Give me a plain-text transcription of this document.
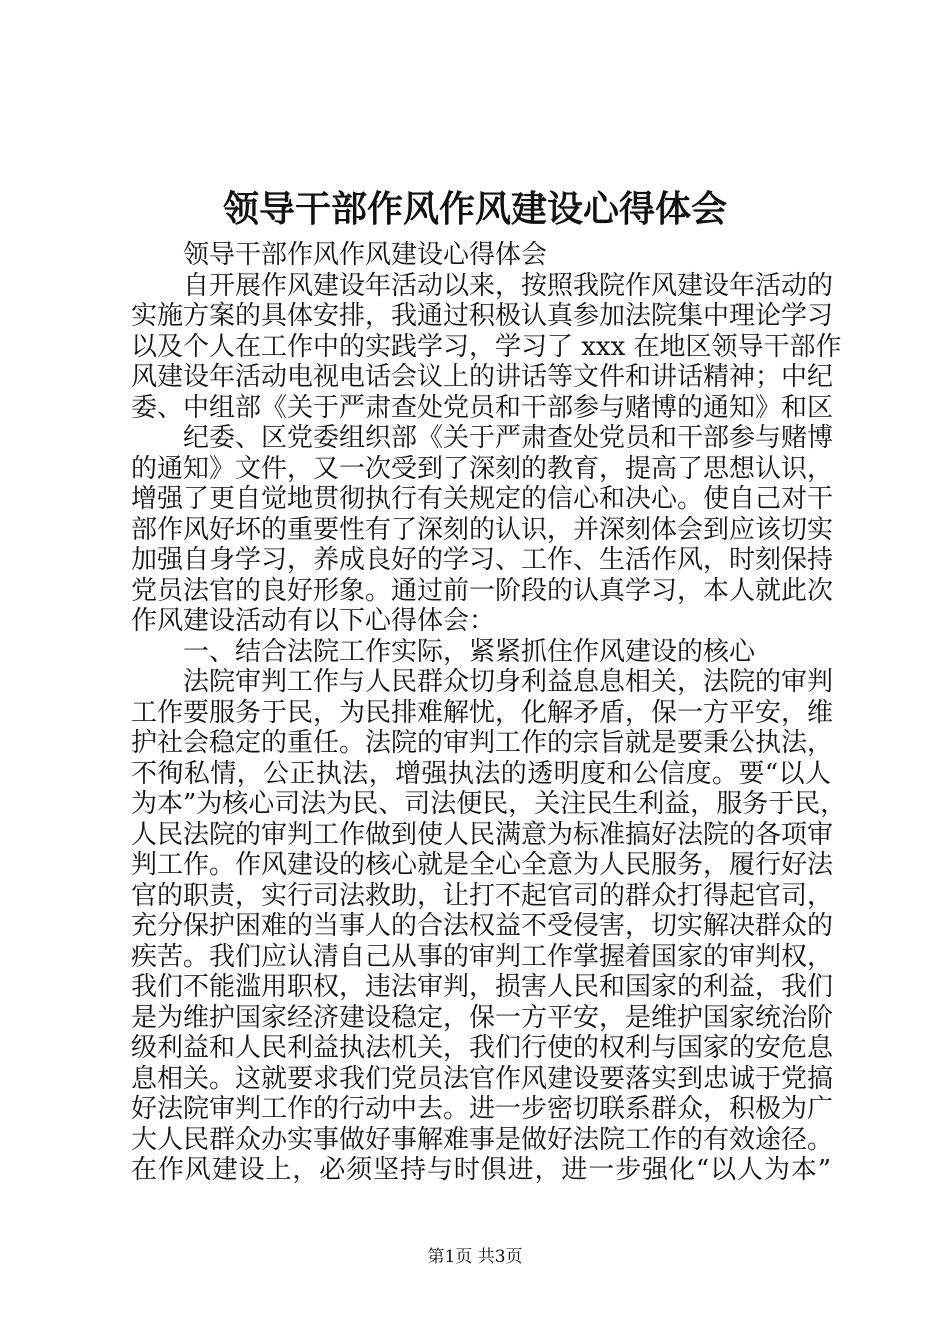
领导干部作风作风建设心得体会
领导干部作风作风建设心得体会
自开展作风建设年活动以来，按照我院作风建设年活动的
实施方案的具体安排，我通过积极认真参加法院集中理论学习
以及个人在工作中的实践学习，学习了 xxx 在地区领导干部作
风建设年活动电视电话会议上的讲话等文件和讲话精神；中纪
委、中组部《关于严肃查处党员和干部参与赌博的通知》和区
纪委、区党委组织部《关于严肃查处党员和干部参与赌博
的通知》文件，又一次受到了深刻的教育，提高了思想认识，
增强了更自觉地贯彻执行有关规定的信心和决心。使自己对干
部作风好坏的重要性有了深刻的认识，并深刻体会到应该切实
加强自身学习，养成良好的学习、工作、生活作风，时刻保持
党员法官的良好形象。通过前一阶段的认真学习，本人就此次
作风建设活动有以下心得体会：
一、结合法院工作实际，紧紧抓住作风建设的核心
法院审判工作与人民群众切身利益息息相关，法院的审判
工作要服务于民，为民排难解忧，化解矛盾，保一方平安，维
护社会稳定的重任。法院的审判工作的宗旨就是要秉公执法，
不徇私情，公正执法，增强执法的透明度和公信度。要“以人
为本”为核心司法为民、司法便民，关注民生利益，服务于民，
人民法院的审判工作做到使人民满意为标准搞好法院的各项审
判工作。作风建设的核心就是全心全意为人民服务，履行好法
官的职责，实行司法救助，让打不起官司的群众打得起官司，
充分保护困难的当事人的合法权益不受侵害，切实解决群众的
疾苦。我们应认清自己从事的审判工作掌握着国家的审判权，
我们不能滥用职权，违法审判，损害人民和国家的利益，我们
是为维护国家经济建设稳定，保一方平安，是维护国家统治阶
级利益和人民利益执法机关，我们行使的权利与国家的安危息
息相关。这就要求我们党员法官作风建设要落实到忠诚于党搞
好法院审判工作的行动中去。进一步密切联系群众，积极为广
大人民群众办实事做好事解难事是做好法院工作的有效途径。
在作风建设上，必须坚持与时俱进，进一步强化“以人为本”
第1页 共3页
